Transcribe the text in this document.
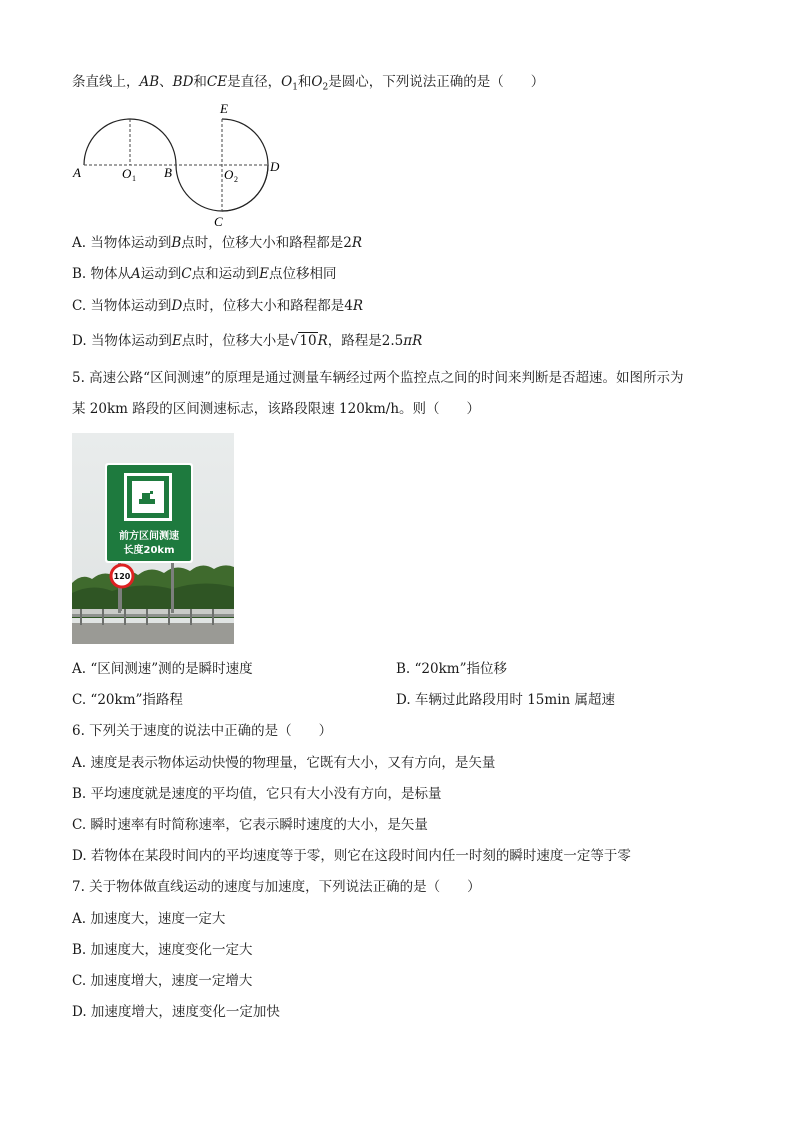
条直线上，AB、BD和CE是直径，$O_1$和$O_2$是圆心，下列说法正确的是（　　）
A	O 1 B	O 2
C
D
E
A. 当物体运动到B点时，位移大小和路程都是2R
B. 物体从A运动到C点和运动到E点位移相同
C. 当物体运动到D点时，位移大小和路程都是4R
D. 当物体运动到E点时，位移大小是√10R，路程是2.5πR
5. 高速公路“区间测速”的原理是通过测量车辆经过两个监控点之间的时间来判断是否超速。如图所示为
某 20km 路段的区间测速标志，该路段限速 120km/h。则（　　）
前方区间测速
长度20km
120
A. “区间测速”测的是瞬时速度	B. “20km”指位移
C. “20km”指路程	D. 车辆过此路段用时 15min 属超速
6. 下列关于速度的说法中正确的是（　　）
A. 速度是表示物体运动快慢的物理量，它既有大小，又有方向，是矢量
B. 平均速度就是速度的平均值，它只有大小没有方向，是标量
C. 瞬时速率有时简称速率，它表示瞬时速度的大小，是矢量
D. 若物体在某段时间内的平均速度等于零，则它在这段时间内任一时刻的瞬时速度一定等于零
7. 关于物体做直线运动的速度与加速度，下列说法正确的是（　　）
A. 加速度大，速度一定大
B. 加速度大，速度变化一定大
C. 加速度增大，速度一定增大
D. 加速度增大，速度变化一定加快
